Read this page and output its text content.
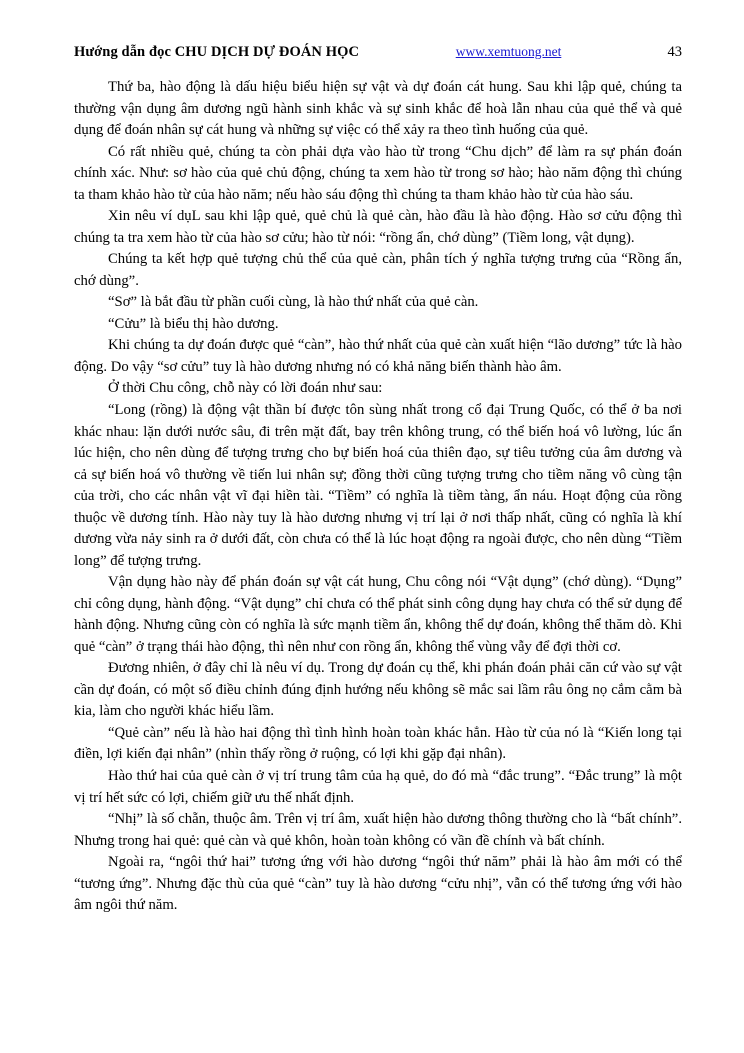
Hướng dẫn đọc CHU DỊCH DỰ ĐOÁN HỌC	www.xemtuong.net	43

Thứ ba, hào động là dấu hiệu biểu hiện sự vật và dự đoán cát hung. Sau khi lập quẻ, chúng ta thường vận dụng âm dương ngũ hành sinh khắc và sự sinh khắc để hoà lẫn nhau của quẻ thể và quẻ dụng để đoán nhân sự cát hung và những sự việc có thể xảy ra theo tình huống của quẻ.

Có rất nhiều quẻ, chúng ta còn phải dựa vào hào từ trong “Chu dịch” để làm ra sự phán đoán chính xác. Như: sơ hào của quẻ chủ động, chúng ta xem hào từ trong sơ hào; hào năm động thì chúng ta tham khảo hào từ của hào năm; nếu hào sáu động thì chúng ta tham khảo hào từ của hào sáu.

Xin nêu ví dụL sau khi lập quẻ, quẻ chủ là quẻ càn, hào đầu là hào động. Hào sơ cửu động thì chúng ta tra xem hào từ của hào sơ cửu; hào từ nói: “rồng ẩn, chớ dùng” (Tiềm long, vật dụng).

Chúng ta kết hợp quẻ tượng chủ thể của quẻ càn, phân tích ý nghĩa tượng trưng của “Rồng ẩn, chớ dùng”.

“Sơ” là bắt đầu từ phần cuối cùng, là hào thứ nhất của quẻ càn.

“Cửu” là biểu thị hào dương.

Khi chúng ta dự đoán được quẻ “càn”, hào thứ nhất của quẻ càn xuất hiện “lão dương” tức là hào động. Do vậy “sơ cửu” tuy là hào dương nhưng nó có khả năng biến thành hào âm.

Ở thời Chu công, chỗ này có lời đoán như sau:

“Long (rồng) là động vật thần bí được tôn sùng nhất trong cổ đại Trung Quốc, có thể ở ba nơi khác nhau: lặn dưới nước sâu, đi trên mặt đất, bay trên không trung, có thể biến hoá vô lường, lúc ẩn lúc hiện, cho nên dùng để tượng trưng cho bự biến hoá của thiên đạo, sự tiêu tưởng của âm dương và cả sự biến hoá vô thường về tiến lui nhân sự; đồng thời cũng tượng trưng cho tiềm năng vô cùng tận của trời, cho các nhân vật vĩ đại hiền tài. “Tiềm” có nghĩa là tiềm tàng, ẩn náu. Hoạt động của rồng thuộc về dương tính. Hào này tuy là hào dương nhưng vị trí lại ở nơi thấp nhất, cũng có nghĩa là khí dương vừa nảy sinh ra ở dưới đất, còn chưa có thể là lúc hoạt động ra ngoài được, cho nên dùng “Tiềm long” để tượng trưng.

Vận dụng hào này để phán đoán sự vật cát hung, Chu công nói “Vật dụng” (chớ dùng). “Dụng” chỉ công dụng, hành động. “Vật dụng” chỉ chưa có thể phát sinh công dụng hay chưa có thể sử dụng để hành động. Nhưng cũng còn có nghĩa là sức mạnh tiềm ẩn, không thể dự đoán, không thể thăm dò. Khi quẻ “càn” ở trạng thái hào động, thì nên như con rồng ẩn, không thể vùng vẫy để đợi thời cơ.

Đương nhiên, ở đây chỉ là nêu ví dụ. Trong dự đoán cụ thể, khi phán đoán phải căn cứ vào sự vật cần dự đoán, có một số điều chỉnh đúng định hướng nếu không sẽ mắc sai lầm râu ông nọ cắm cằm bà kia, làm cho người khác hiểu lầm.

“Quẻ càn” nếu là hào hai động thì tình hình hoàn toàn khác hẳn. Hào từ của nó là “Kiến long tại điền, lợi kiến đại nhân” (nhìn thấy rồng ở ruộng, có lợi khi gặp đại nhân).

Hào thứ hai của quẻ càn ở vị trí trung tâm của hạ quẻ, do đó mà “đắc trung”. “Đắc trung” là một vị trí hết sức có lợi, chiếm giữ ưu thế nhất định.

“Nhị” là số chẵn, thuộc âm. Trên vị trí âm, xuất hiện hào dương thông thường cho là “bất chính”. Nhưng trong hai quẻ: quẻ càn và quẻ khôn, hoàn toàn không có vần đề chính và bất chính.

Ngoài ra, “ngôi thứ hai” tương ứng với hào dương “ngôi thứ năm” phải là hào âm mới có thể “tương ứng”. Nhưng đặc thù của quẻ “càn” tuy là hào dương “cửu nhị”, vẫn có thể tương ứng với hào âm ngôi thứ năm.
